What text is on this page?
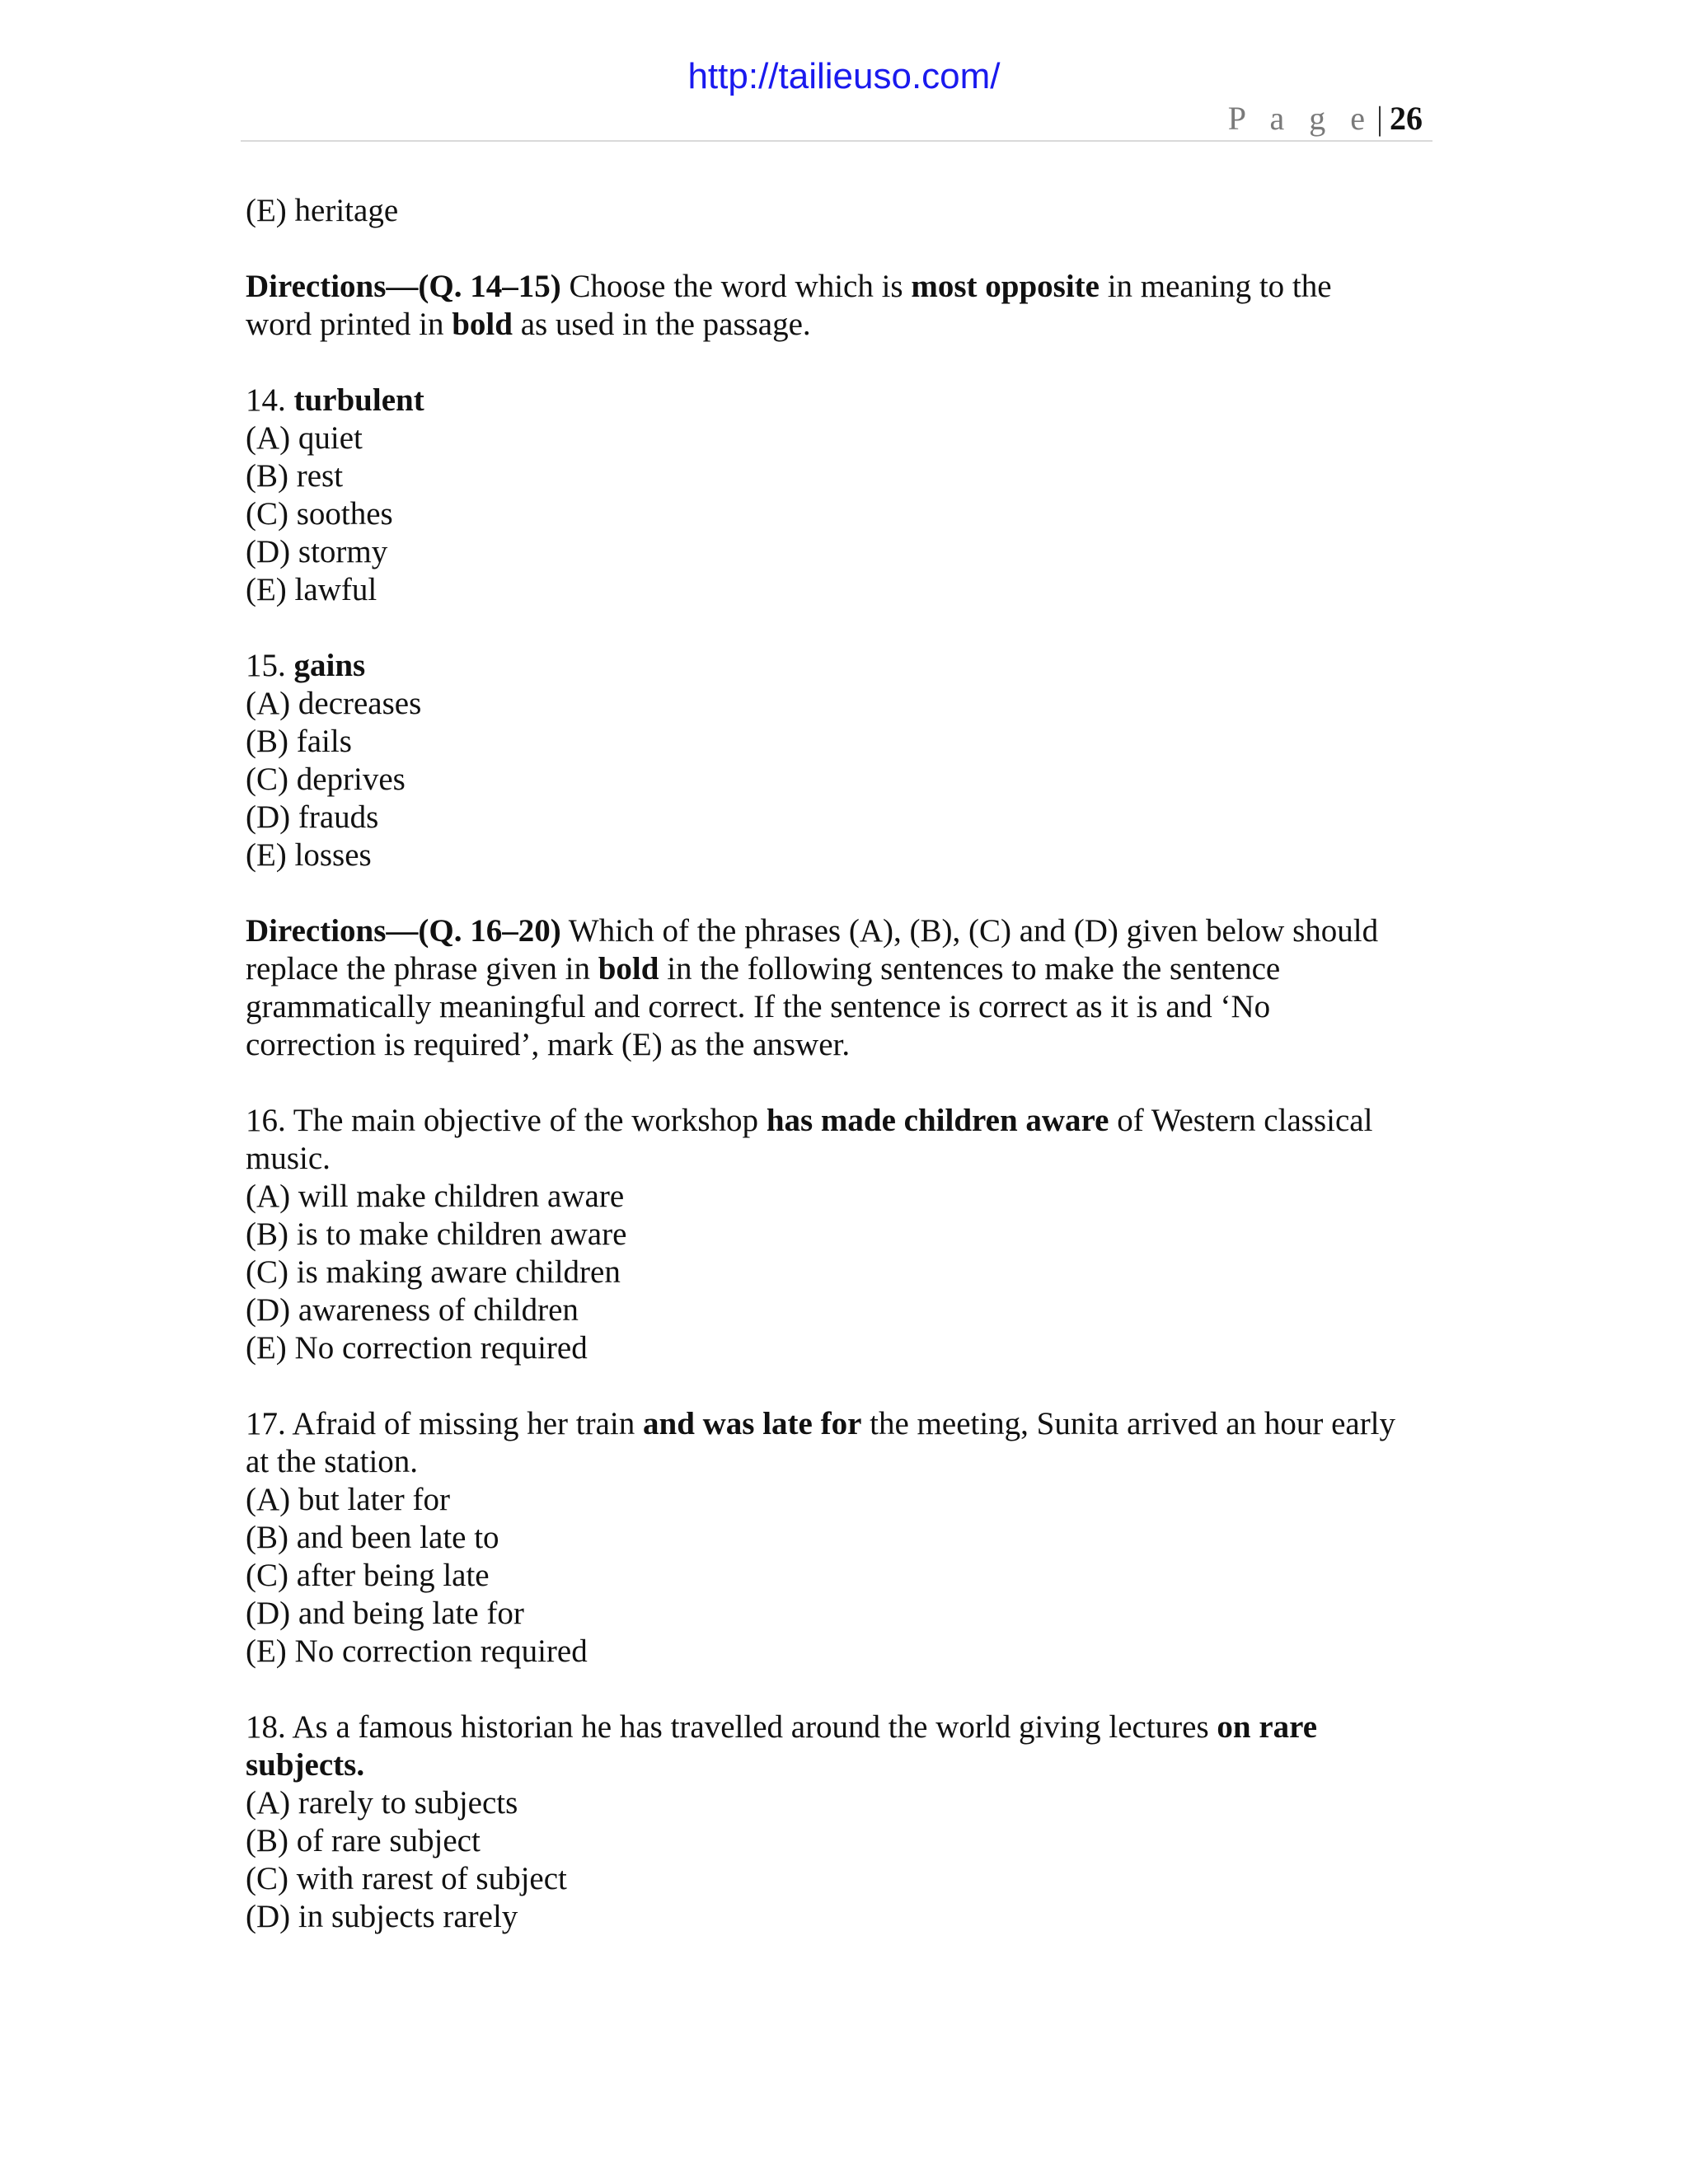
http://tailieuso.com/
P a g e | 26

(E) heritage

Directions—(Q. 14–15) Choose the word which is most opposite in meaning to the

word printed in bold as used in the passage.

14. turbulent

(A) quiet

(B) rest

(C) soothes

(D) stormy

(E) lawful

15. gains

(A) decreases

(B) fails

(C) deprives

(D) frauds

(E) losses

Directions—(Q. 16–20) Which of the phrases (A), (B), (C) and (D) given below should

replace the phrase given in bold in the following sentences to make the sentence

grammatically meaningful and correct. If the sentence is correct as it is and ‘No

correction is required’, mark (E) as the answer.

16. The main objective of the workshop has made children aware of Western classical

music.

(A) will make children aware

(B) is to make children aware

(C) is making aware children

(D) awareness of children

(E) No correction required

17. Afraid of missing her train and was late for the meeting, Sunita arrived an hour early

at the station.

(A) but later for

(B) and been late to

(C) after being late

(D) and being late for

(E) No correction required

18. As a famous historian he has travelled around the world giving lectures on rare

subjects.

(A) rarely to subjects

(B) of rare subject

(C) with rarest of subject

(D) in subjects rarely
